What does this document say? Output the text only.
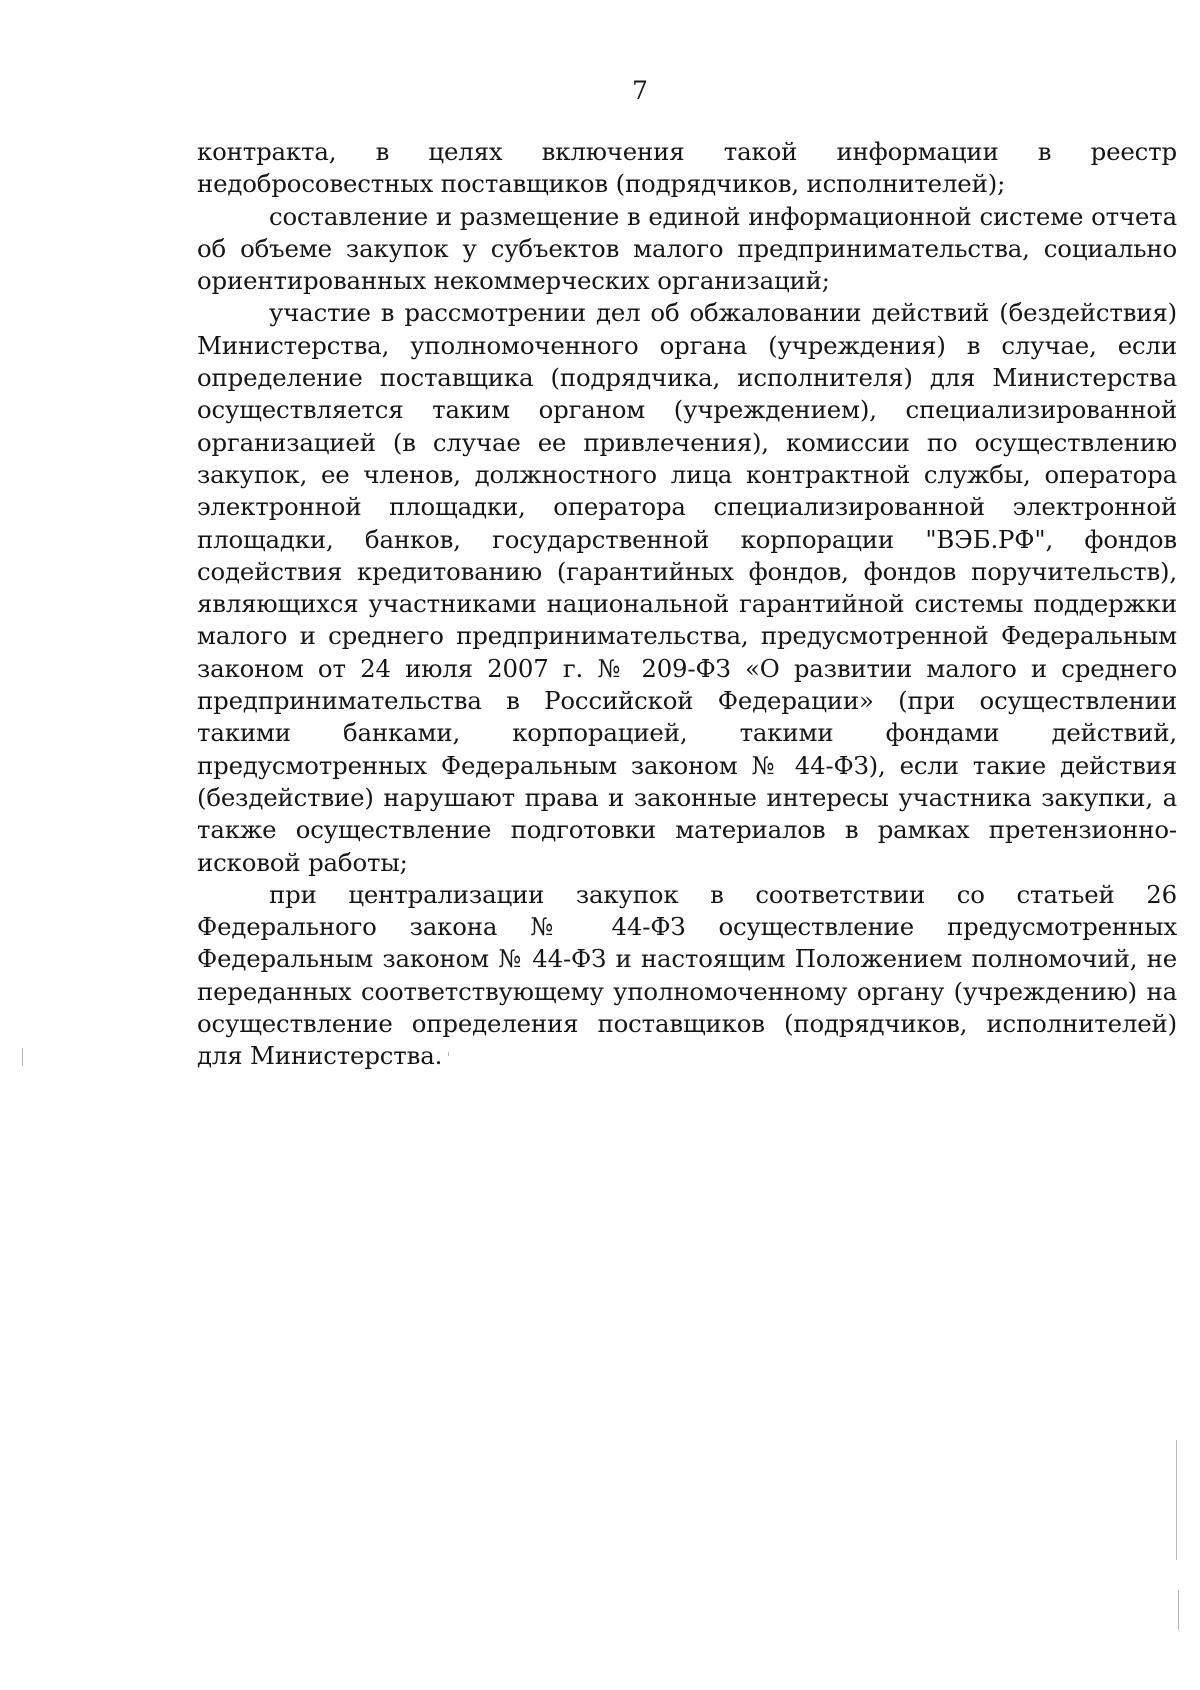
7

контракта, в целях включения такой информации в реестр недобросовестных поставщиков (подрядчиков, исполнителей);

составление и размещение в единой информационной системе отчета об объеме закупок у субъектов малого предпринимательства, социально ориентированных некоммерческих организаций;

участие в рассмотрении дел об обжаловании действий (бездействия) Министерства, уполномоченного органа (учреждения) в случае, если определение поставщика (подрядчика, исполнителя) для Министерства осуществляется таким органом (учреждением), специализированной организацией (в случае ее привлечения), комиссии по осуществлению закупок, ее членов, должностного лица контрактной службы, оператора электронной площадки, оператора специализированной электронной площадки, банков, государственной корпорации "ВЭБ.РФ", фондов содействия кредитованию (гарантийных фондов, фондов поручительств), являющихся участниками национальной гарантийной системы поддержки малого и среднего предпринимательства, предусмотренной Федеральным законом от 24 июля 2007 г. № 209-ФЗ «О развитии малого и среднего предпринимательства в Российской Федерации» (при осуществлении такими банками, корпорацией, такими фондами действий, предусмотренных Федеральным законом № 44-ФЗ), если такие действия (бездействие) нарушают права и законные интересы участника закупки, а также осуществление подготовки материалов в рамках претензионно-исковой работы;

при централизации закупок в соответствии со статьей 26 Федерального закона № 44-ФЗ осуществление предусмотренных Федеральным законом № 44-ФЗ и настоящим Положением полномочий, не переданных соответствующему уполномоченному органу (учреждению) на осуществление определения поставщиков (подрядчиков, исполнителей) для Министерства.
